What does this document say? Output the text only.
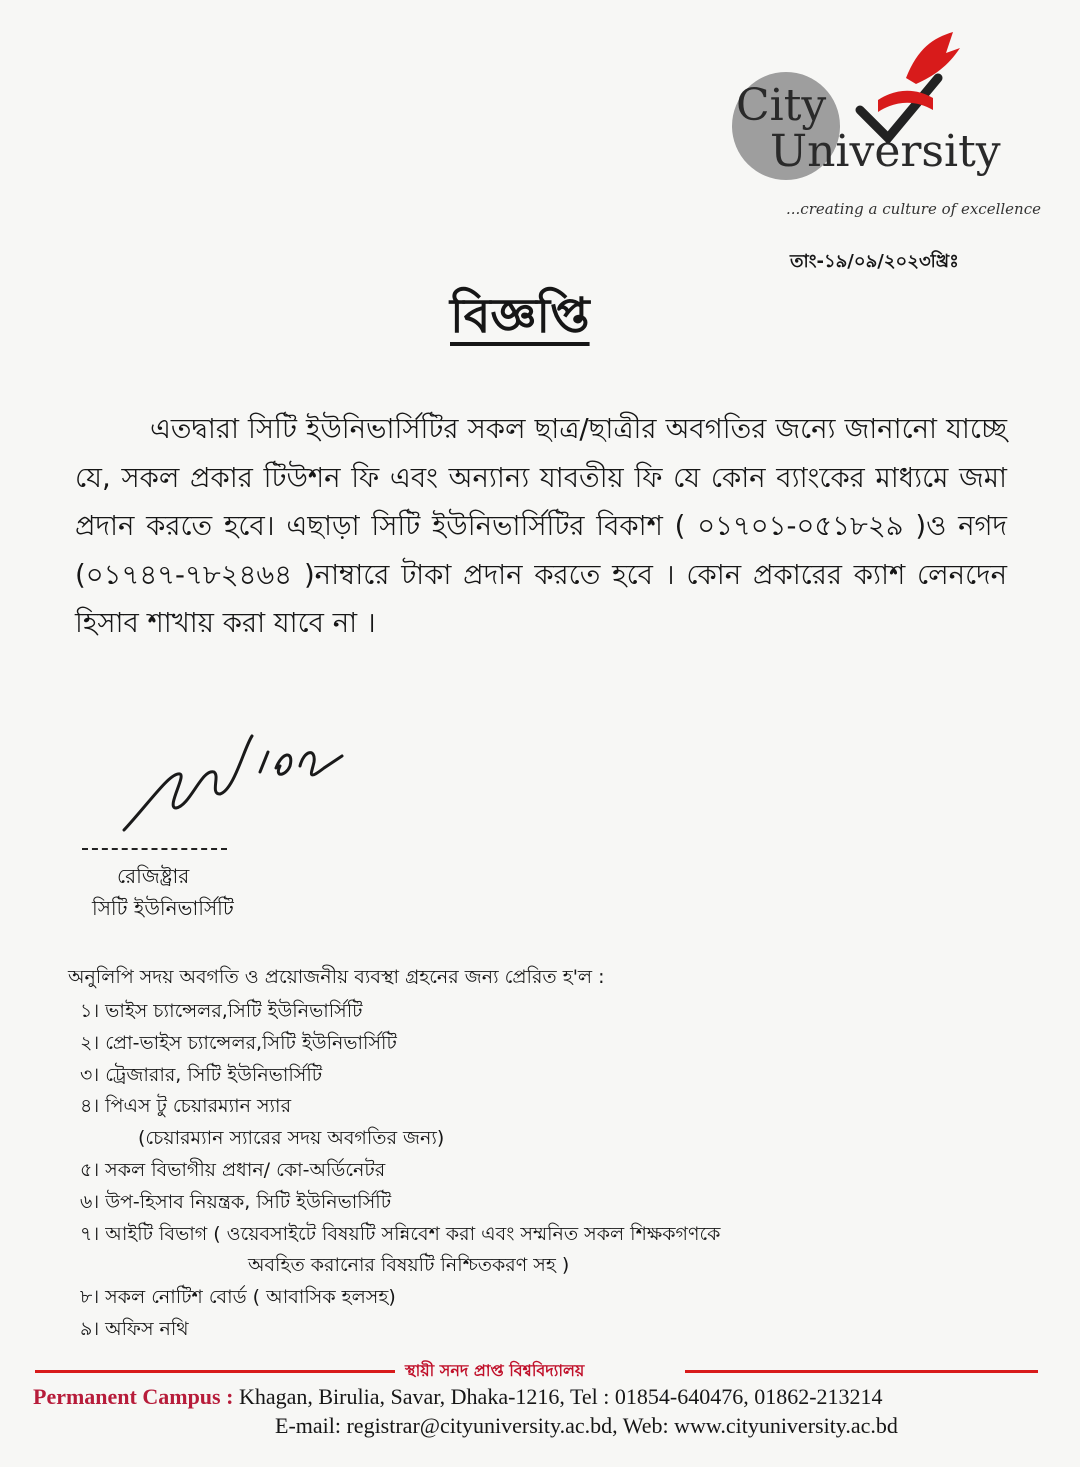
City
University
...creating a culture of excellence
তাং-১৯/০৯/২০২৩খ্রিঃ
বিজ্ঞপ্তি
এতদ্বারা সিটি ইউনিভার্সিটির সকল ছাত্র/ছাত্রীর অবগতির জন্যে জানানো যাচ্ছে যে, সকল প্রকার টিউশন ফি এবং অন্যান্য যাবতীয় ফি যে কোন ব্যাংকের মাধ্যমে জমা প্রদান করতে হবে। এছাড়া সিটি ইউনিভার্সিটির বিকাশ ( ০১৭০১-০৫১৮২৯ )ও নগদ (০১৭৪৭-৭৮২৪৬৪ )নাম্বারে টাকা প্রদান করতে হবে । কোন প্রকারের ক্যাশ লেনদেন হিসাব শাখায় করা যাবে না ।
রেজিষ্ট্রার
সিটি ইউনিভার্সিটি
অনুলিপি সদয় অবগতি ও প্রয়োজনীয় ব্যবস্থা গ্রহনের জন্য প্রেরিত হ'ল :
১। ভাইস চ্যান্সেলর,সিটি ইউনিভার্সিটি
২। প্রো-ভাইস চ্যান্সেলর,সিটি ইউনিভার্সিটি
৩। ট্রেজারার, সিটি ইউনিভার্সিটি
৪। পিএস টু চেয়ারম্যান স্যার
(চেয়ারম্যান স্যারের সদয় অবগতির জন্য)
৫। সকল বিভাগীয় প্রধান/ কো-অর্ডিনেটর
৬। উপ-হিসাব নিয়ন্ত্রক, সিটি ইউনিভার্সিটি
৭। আইটি বিভাগ ( ওয়েবসাইটে বিষয়টি সন্নিবেশ করা এবং সম্মনিত সকল শিক্ষকগণকে
অবহিত করানোর বিষয়টি নিশ্চিতকরণ সহ )
৮। সকল নোটিশ বোর্ড ( আবাসিক হলসহ)
৯। অফিস নথি
স্থায়ী সনদ প্রাপ্ত বিশ্ববিদ্যালয়
Permanent Campus : Khagan, Birulia, Savar, Dhaka-1216, Tel : 01854-640476, 01862-213214
E-mail: registrar@cityuniversity.ac.bd, Web: www.cityuniversity.ac.bd
